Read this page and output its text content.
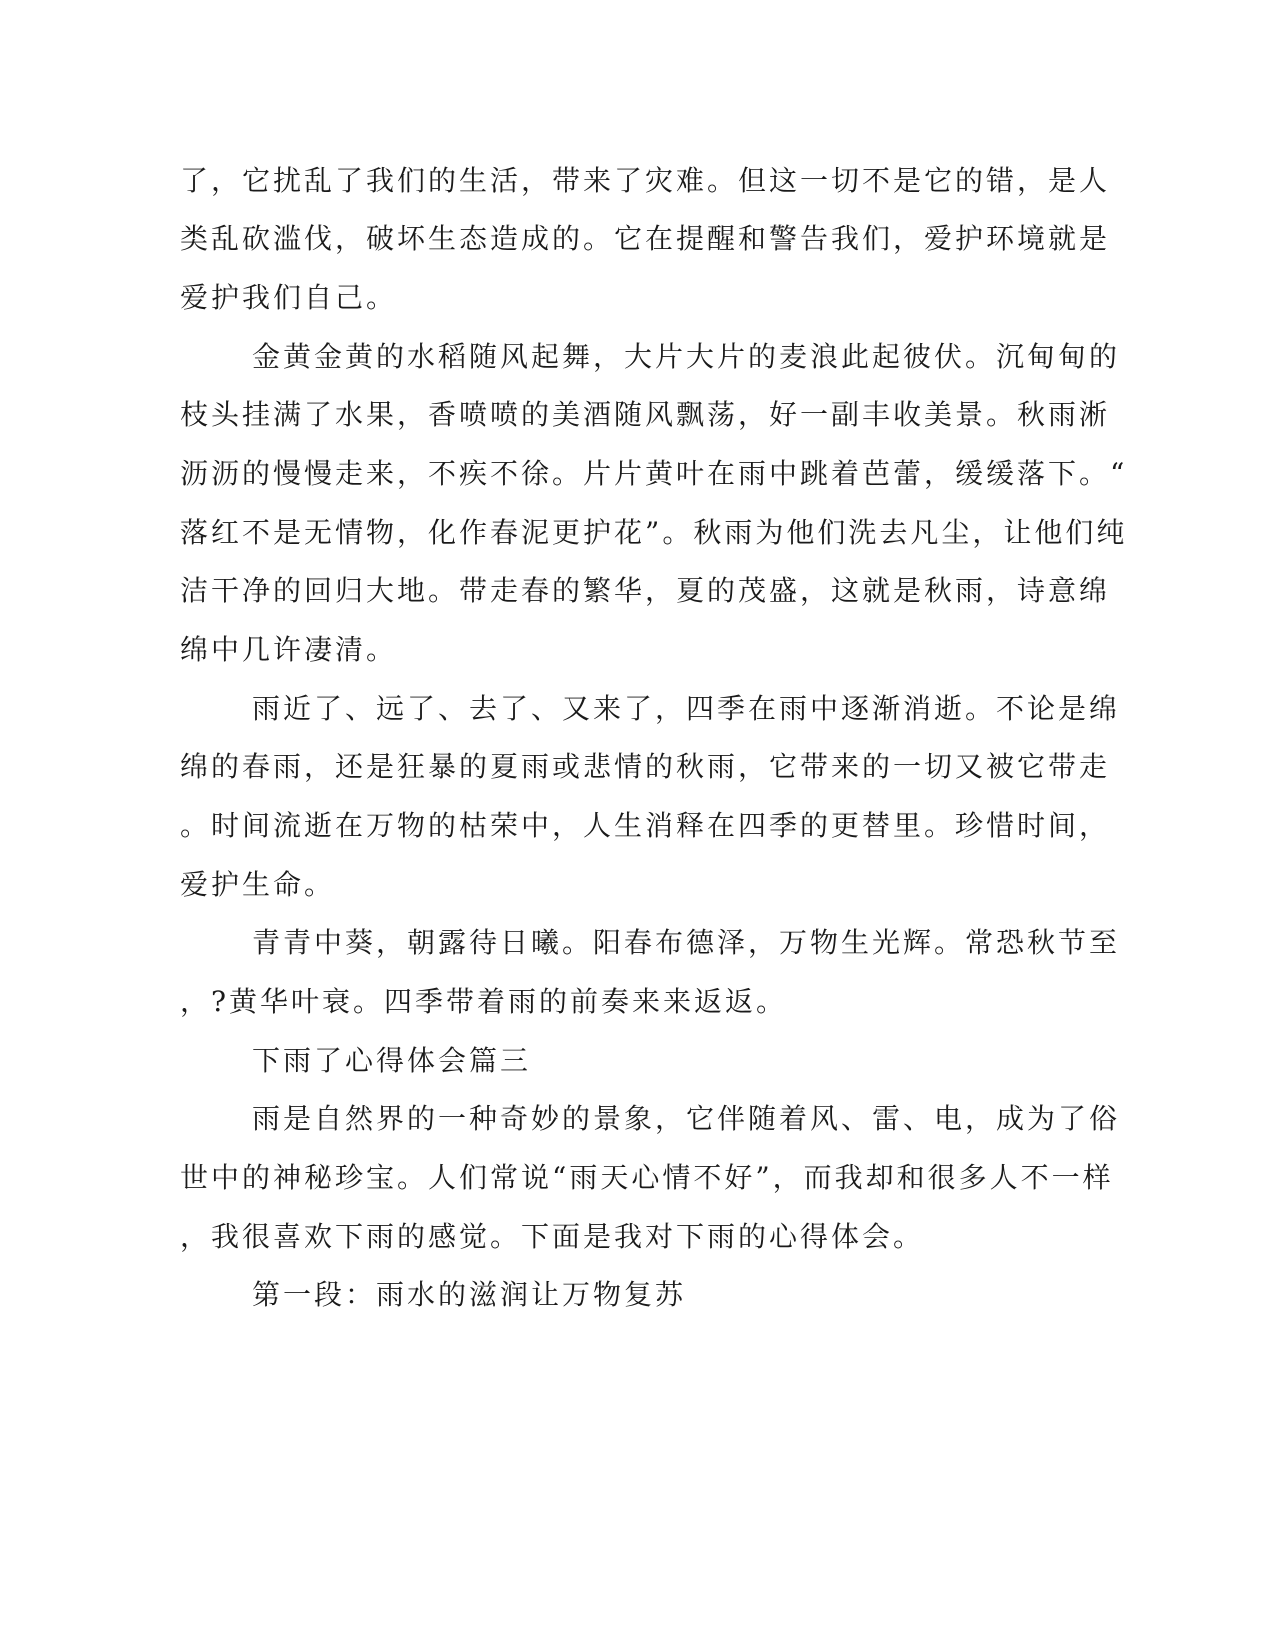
了，它扰乱了我们的生活，带来了灾难。但这一切不是它的错，是人
类乱砍滥伐，破坏生态造成的。它在提醒和警告我们，爱护环境就是
爱护我们自己。
金黄金黄的水稻随风起舞，大片大片的麦浪此起彼伏。沉甸甸的
枝头挂满了水果，香喷喷的美酒随风飘荡，好一副丰收美景。秋雨淅
沥沥的慢慢走来，不疾不徐。片片黄叶在雨中跳着芭蕾，缓缓落下。“
落红不是无情物，化作春泥更护花”。秋雨为他们洗去凡尘，让他们纯
洁干净的回归大地。带走春的繁华，夏的茂盛，这就是秋雨，诗意绵
绵中几许凄清。
雨近了、远了、去了、又来了，四季在雨中逐渐消逝。不论是绵
绵的春雨，还是狂暴的夏雨或悲情的秋雨，它带来的一切又被它带走
。时间流逝在万物的枯荣中，人生消释在四季的更替里。珍惜时间，
爱护生命。
青青中葵，朝露待日曦。阳春布德泽，万物生光辉。常恐秋节至
，?黄华叶衰。四季带着雨的前奏来来返返。
下雨了心得体会篇三
雨是自然界的一种奇妙的景象，它伴随着风、雷、电，成为了俗
世中的神秘珍宝。人们常说“雨天心情不好”，而我却和很多人不一样
，我很喜欢下雨的感觉。下面是我对下雨的心得体会。
第一段：雨水的滋润让万物复苏
